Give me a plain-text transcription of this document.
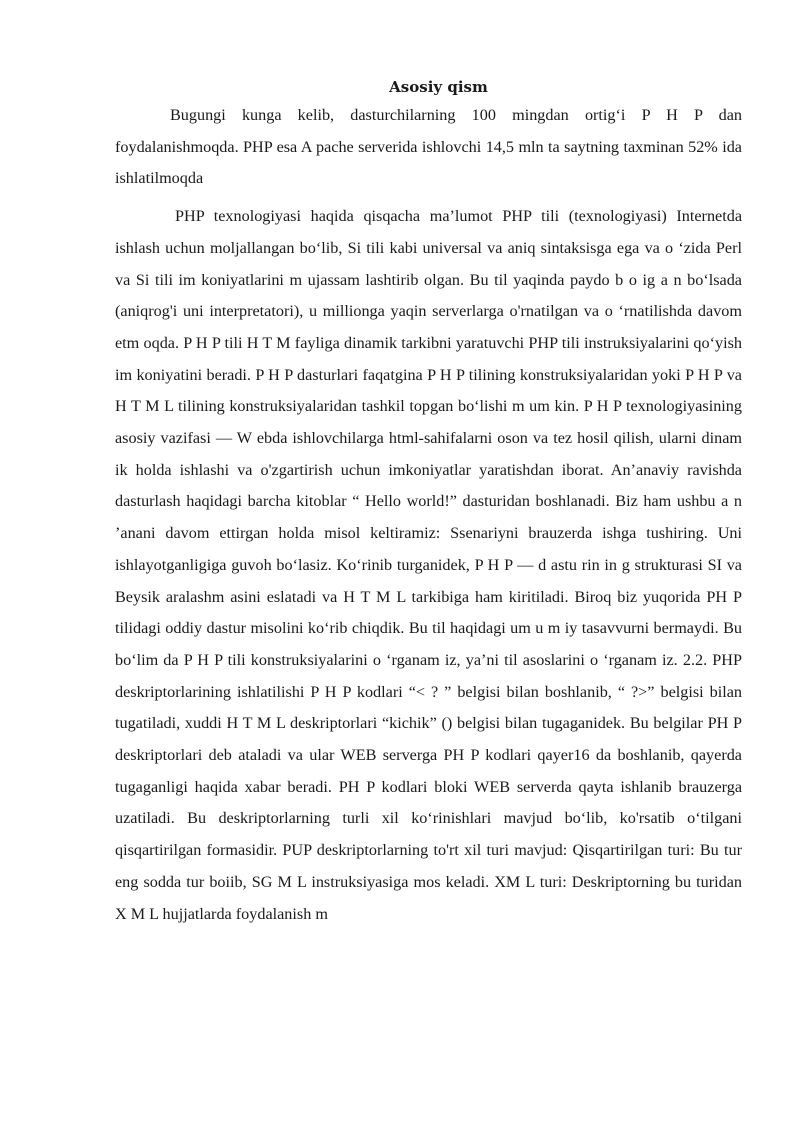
Asosiy qism

Bugungi kunga kelib, dasturchilarning 100 mingdan ortig‘i P H P dan foydalanishmoqda. PHP esa A pache serverida ishlovchi 14,5 mln ta saytning taxminan 52% ida ishlatilmoqda

PHP texnologiyasi haqida qisqacha ma’lumot PHP tili (texnologiyasi) Internetda ishlash uchun moljallangan bo‘lib, Si tili kabi universal va aniq sintaksisga ega va o ‘zida Perl va Si tili im koniyatlarini m ujassam lashtirib olgan. Bu til yaqinda paydo b o ig a n bo‘lsada (aniqrog'i uni interpretatori), u millionga yaqin serverlarga o'rnatilgan va o ‘rnatilishda davom etm oqda. P H P tili H T M fayliga dinamik tarkibni yaratuvchi PHP tili instruksiyalarini qo‘yish im koniyatini beradi. P H P dasturlari faqatgina P H P tilining konstruksiyalaridan yoki P H P va H T M L tilining konstruksiyalaridan tashkil topgan bo‘lishi m um kin. P H P texnologiyasining asosiy vazifasi — W ebda ishlovchilarga html-sahifalarni oson va tez hosil qilish, ularni dinam ik holda ishlashi va o'zgartirish uchun imkoniyatlar yaratishdan iborat. An’anaviy ravishda dasturlash haqidagi barcha kitoblar “ Hello world!” dasturidan boshlanadi. Biz ham ushbu a n ’anani davom ettirgan holda misol keltiramiz: Ssenariyni brauzerda ishga tushiring. Uni ishlayotganligiga guvoh bo‘lasiz. Ko‘rinib turganidek, P H P — d astu rin in g strukturasi SI va Beysik aralashm asini eslatadi va H T M L tarkibiga ham kiritiladi. Biroq biz yuqorida PH P tilidagi oddiy dastur misolini ko‘rib chiqdik. Bu til haqidagi um u m iy tasavvurni bermaydi. Bu bo‘lim da P H P tili konstruksiyalarini o ‘rganam iz, ya’ni til asoslarini o ‘rganam iz. 2.2. PHP deskriptorlarining ishlatilishi P H P kodlari “< ? ” belgisi bilan boshlanib, “ ?>” belgisi bilan tugatiladi, xuddi H T M L deskriptorlari “kichik” () belgisi bilan tugaganidek. Bu belgilar PH P deskriptorlari deb ataladi va ular WEB serverga PH P kodlari qayer16 da boshlanib, qayerda tugaganligi haqida xabar beradi. PH P kodlari bloki WEB serverda qayta ishlanib brauzerga uzatiladi. Bu deskriptorlarning turli xil ko‘rinishlari mavjud bo‘lib, ko'rsatib o‘tilgani qisqartirilgan formasidir. PUP deskriptorlarning to'rt xil turi mavjud: Qisqartirilgan turi: Bu tur eng sodda tur boiib, SG M L instruksiyasiga mos keladi. XM L turi: Deskriptorning bu turidan X M L hujjatlarda foydalanish m
